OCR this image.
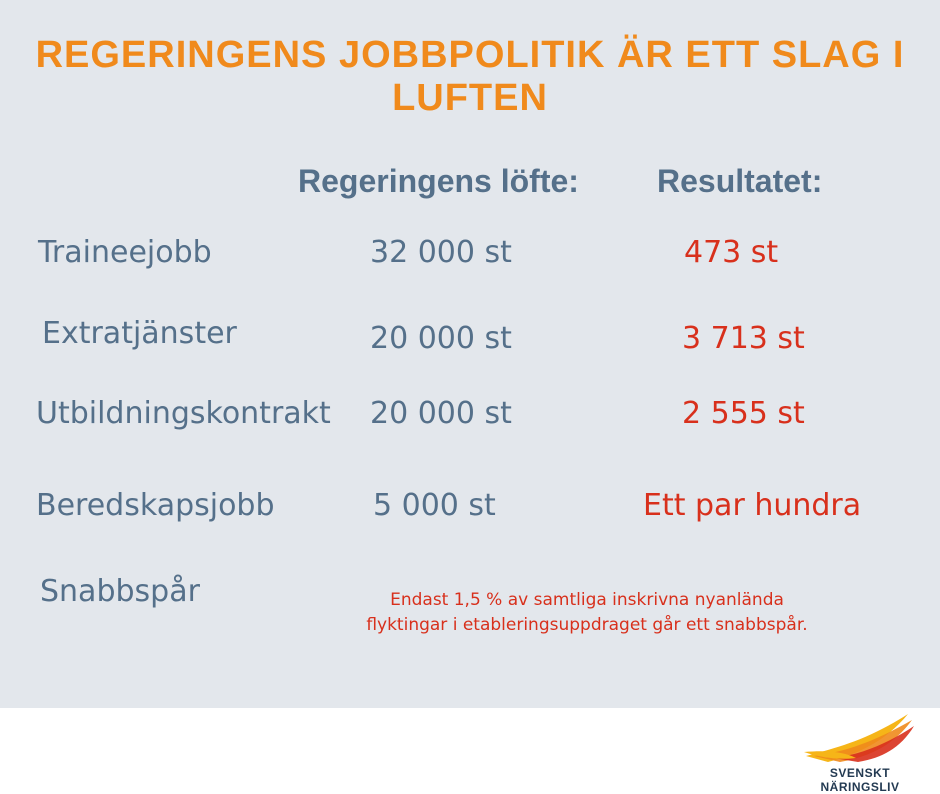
REGERINGENS JOBBPOLITIK ÄR ETT SLAG I LUFTEN
Regeringens löfte: Resultatet:
Traineejobb	32 000 st	473 st
Extratjänster	20 000 st	3 713 st
Utbildningskontrakt 20 000 st	2 555 st
Beredskapsjobb	5 000 st	Ett par hundra
Snabbspår	Endast 1,5 % av samtliga inskrivna nyanlända
flyktingar i etableringsuppdraget går ett snabbspår.
SVENSKT NÄRINGSLIV
